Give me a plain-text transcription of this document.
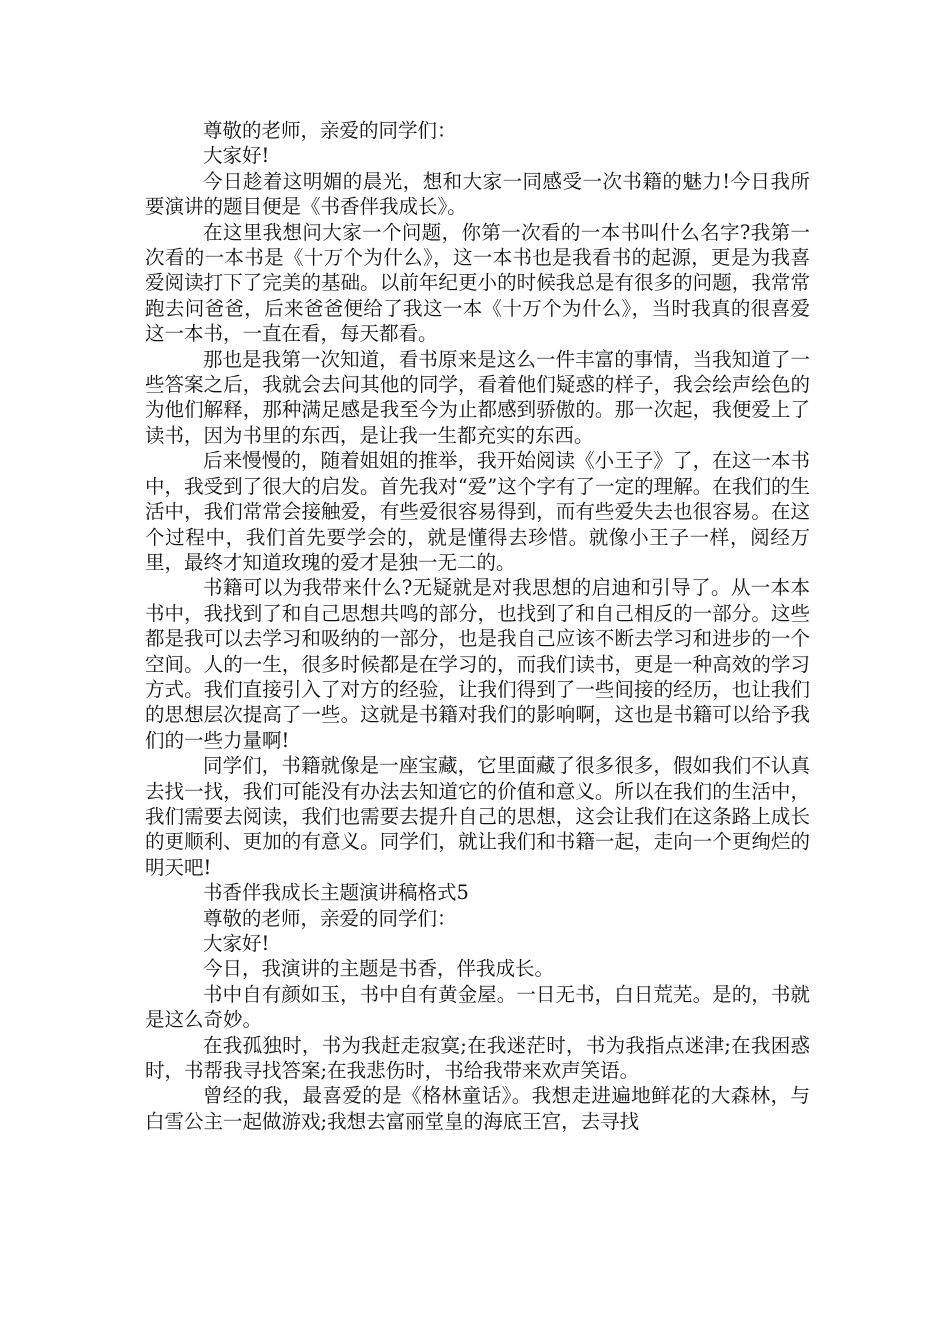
尊敬的老师，亲爱的同学们：

大家好!

今日趁着这明媚的晨光，想和大家一同感受一次书籍的魅力!今日我所要演讲的题目便是《书香伴我成长》。

在这里我想问大家一个问题，你第一次看的一本书叫什么名字?我第一次看的一本书是《十万个为什么》，这一本书也是我看书的起源，更是为我喜爱阅读打下了完美的基础。以前年纪更小的时候我总是有很多的问题，我常常跑去问爸爸，后来爸爸便给了我这一本《十万个为什么》，当时我真的很喜爱这一本书，一直在看，每天都看。

那也是我第一次知道，看书原来是这么一件丰富的事情，当我知道了一些答案之后，我就会去问其他的同学，看着他们疑惑的样子，我会绘声绘色的为他们解释，那种满足感是我至今为止都感到骄傲的。那一次起，我便爱上了读书，因为书里的东西，是让我一生都充实的东西。

后来慢慢的，随着姐姐的推举，我开始阅读《小王子》了，在这一本书中，我受到了很大的启发。首先我对“爱”这个字有了一定的理解。在我们的生活中，我们常常会接触爱，有些爱很容易得到，而有些爱失去也很容易。在这个过程中，我们首先要学会的，就是懂得去珍惜。就像小王子一样，阅经万里，最终才知道玫瑰的爱才是独一无二的。

书籍可以为我带来什么?无疑就是对我思想的启迪和引导了。从一本本书中，我找到了和自己思想共鸣的部分，也找到了和自己相反的一部分。这些都是我可以去学习和吸纳的一部分，也是我自己应该不断去学习和进步的一个空间。人的一生，很多时候都是在学习的，而我们读书，更是一种高效的学习方式。我们直接引入了对方的经验，让我们得到了一些间接的经历，也让我们的思想层次提高了一些。这就是书籍对我们的影响啊，这也是书籍可以给予我们的一些力量啊!

同学们，书籍就像是一座宝藏，它里面藏了很多很多，假如我们不认真去找一找，我们可能没有办法去知道它的价值和意义。所以在我们的生活中，我们需要去阅读，我们也需要去提升自己的思想，这会让我们在这条路上成长的更顺利、更加的有意义。同学们，就让我们和书籍一起，走向一个更绚烂的明天吧!

书香伴我成长主题演讲稿格式5

尊敬的老师，亲爱的同学们：

大家好!

今日，我演讲的主题是书香，伴我成长。

书中自有颜如玉，书中自有黄金屋。一日无书，白日荒芜。是的，书就是这么奇妙。

在我孤独时，书为我赶走寂寞;在我迷茫时，书为我指点迷津;在我困惑时，书帮我寻找答案;在我悲伤时，书给我带来欢声笑语。

曾经的我，最喜爱的是《格林童话》。我想走进遍地鲜花的大森林，与白雪公主一起做游戏;我想去富丽堂皇的海底王宫，去寻找
